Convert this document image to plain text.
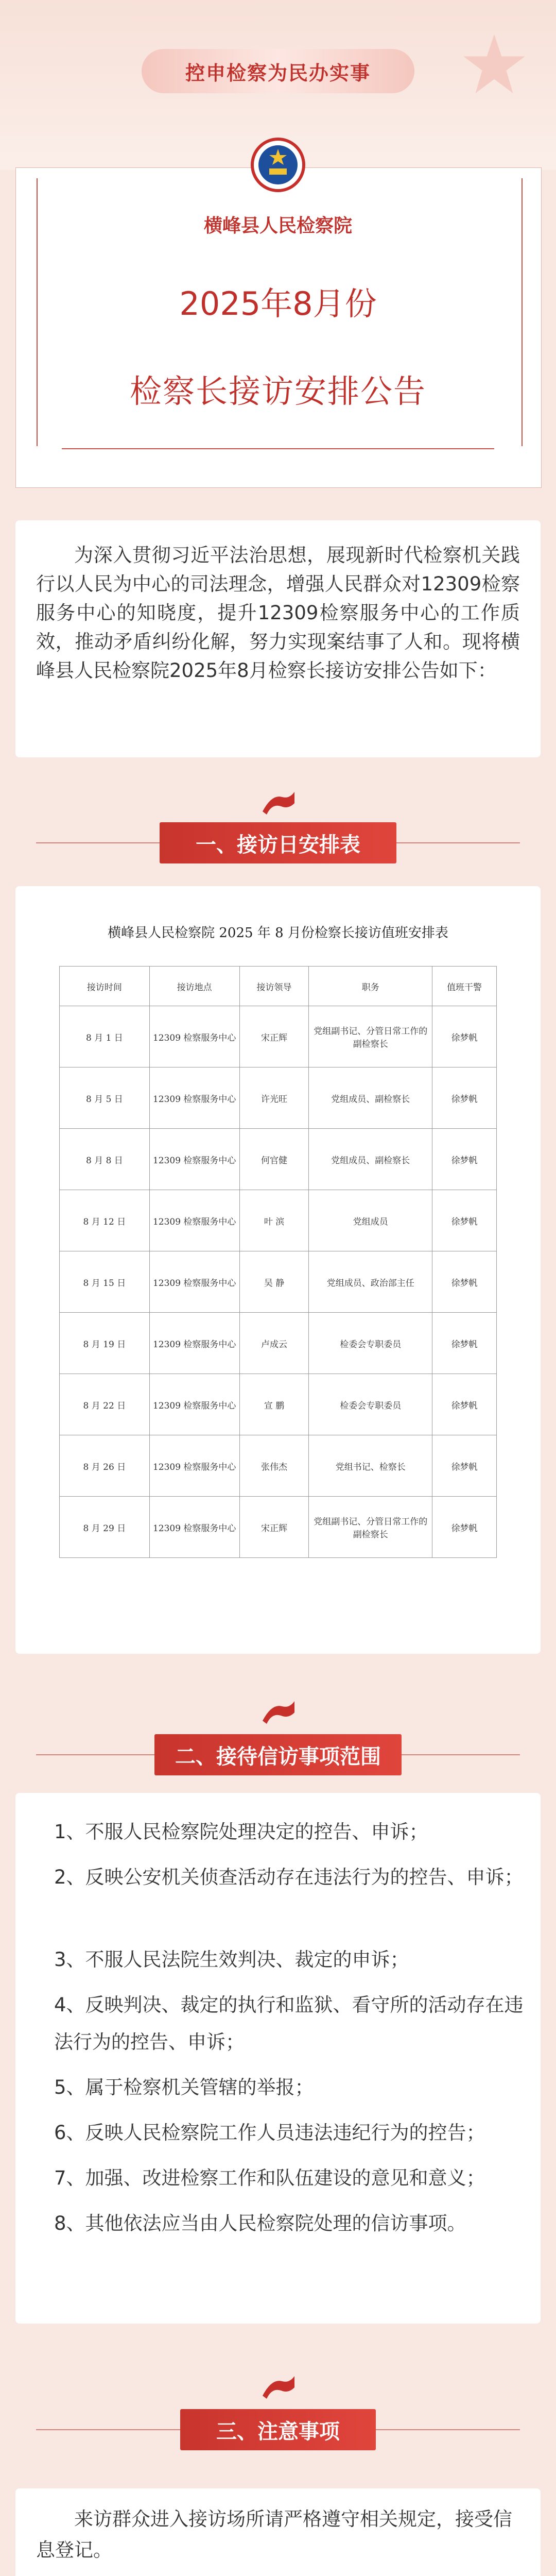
控申检察为民办实事
横峰县人民检察院
2025年8月份
检察长接访安排公告

为深入贯彻习近平法治思想，展现新时代检察机关践行以人民为中心的司法理念，增强人民群众对12309检察服务中心的知晓度，提升12309检察服务中心的工作质效，推动矛盾纠纷化解，努力实现案结事了人和。现将横峰县人民检察院2025年8月检察长接访安排公告如下：

一、接访日安排表
横峰县人民检察院 2025 年 8 月份检察长接访值班安排表
接访时间	接访地点	接访领导	职务	值班干警
8 月 1 日	12309 检察服务中心	宋正辉	党组副书记、分管日常工作的副检察长	徐梦帆
8 月 5 日	12309 检察服务中心	许光旺	党组成员、副检察长	徐梦帆
8 月 8 日	12309 检察服务中心	何官健	党组成员、副检察长	徐梦帆
8 月 12 日	12309 检察服务中心	叶 滨	党组成员	徐梦帆
8 月 15 日	12309 检察服务中心	吴 静	党组成员、政治部主任	徐梦帆
8 月 19 日	12309 检察服务中心	卢成云	检委会专职委员	徐梦帆
8 月 22 日	12309 检察服务中心	宣 鹏	检委会专职委员	徐梦帆
8 月 26 日	12309 检察服务中心	张伟杰	党组书记、检察长	徐梦帆
8 月 29 日	12309 检察服务中心	宋正辉	党组副书记、分管日常工作的副检察长	徐梦帆
二、接待信访事项范围
1、不服人民检察院处理决定的控告、申诉；
2、反映公安机关侦查活动存在违法行为的控告、申诉；
3、不服人民法院生效判决、裁定的申诉；
4、反映判决、裁定的执行和监狱、看守所的活动存在违法行为的控告、申诉；
5、属于检察机关管辖的举报；
6、反映人民检察院工作人员违法违纪行为的控告；
7、加强、改进检察工作和队伍建设的意见和意义；
8、其他依法应当由人民检察院处理的信访事项。
三、注意事项

来访群众进入接访场所请严格遵守相关规定，接受信息登记。
